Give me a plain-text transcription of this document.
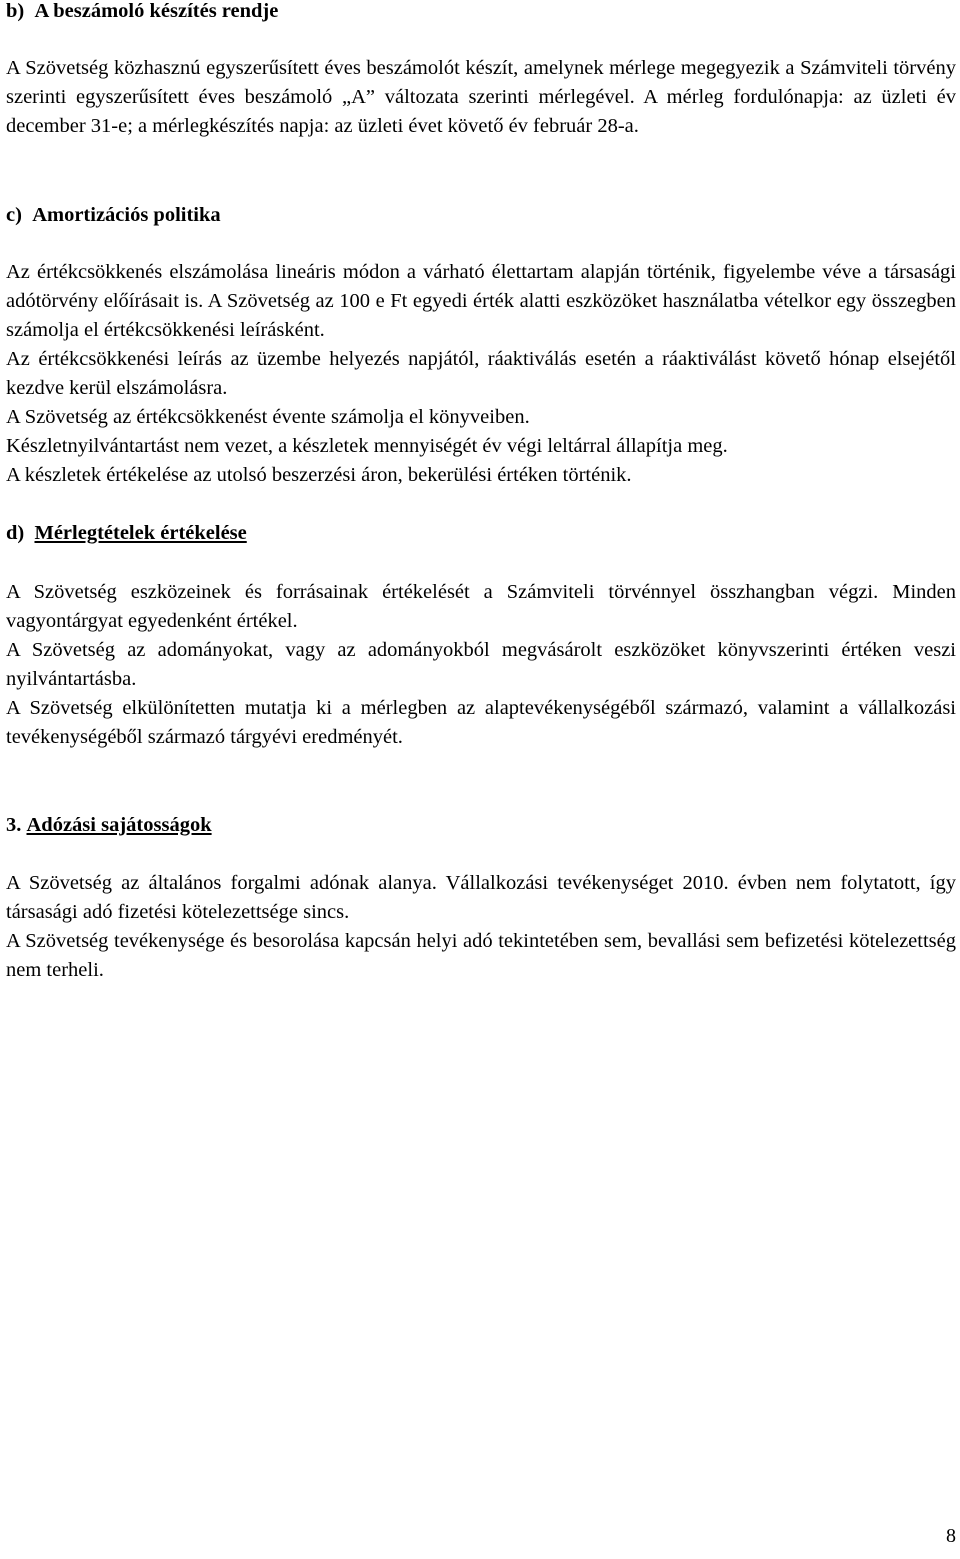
b) A beszámoló készítés rendje
A Szövetség közhasznú egyszerűsített éves beszámolót készít, amelynek mérlege megegyezik a Számviteli törvény szerinti egyszerűsített éves beszámoló „A” változata szerinti mérlegével. A mérleg fordulónapja: az üzleti év december 31-e; a mérlegkészítés napja: az üzleti évet követő év február 28-a.
c) Amortizációs politika
Az értékcsökkenés elszámolása lineáris módon a várható élettartam alapján történik, figyelembe véve a társasági adótörvény előírásait is. A Szövetség az 100 e Ft egyedi érték alatti eszközöket használatba vételkor egy összegben számolja el értékcsökkenési leírásként.
Az értékcsökkenési leírás az üzembe helyezés napjától, ráaktiválás esetén a ráaktiválást követő hónap elsejétől kezdve kerül elszámolásra.
A Szövetség az értékcsökkenést évente számolja el könyveiben.
Készletnyilvántartást nem vezet, a készletek mennyiségét év végi leltárral állapítja meg.
A készletek értékelése az utolsó beszerzési áron, bekerülési értéken történik.
d) Mérlegtételek értékelése
A Szövetség eszközeinek és forrásainak értékelését a Számviteli törvénnyel összhangban végzi. Minden vagyontárgyat egyedenként értékel.
A Szövetség az adományokat, vagy az adományokból megvásárolt eszközöket könyvszerinti értéken veszi nyilvántartásba.
A Szövetség elkülönítetten mutatja ki a mérlegben az alaptevékenységéből származó, valamint a vállalkozási tevékenységéből származó tárgyévi eredményét.
3. Adózási sajátosságok
A Szövetség az általános forgalmi adónak alanya. Vállalkozási tevékenységet 2010. évben nem folytatott, így társasági adó fizetési kötelezettsége sincs.
A Szövetség tevékenysége és besorolása kapcsán helyi adó tekintetében sem, bevallási sem befizetési kötelezettség nem terheli.
8
